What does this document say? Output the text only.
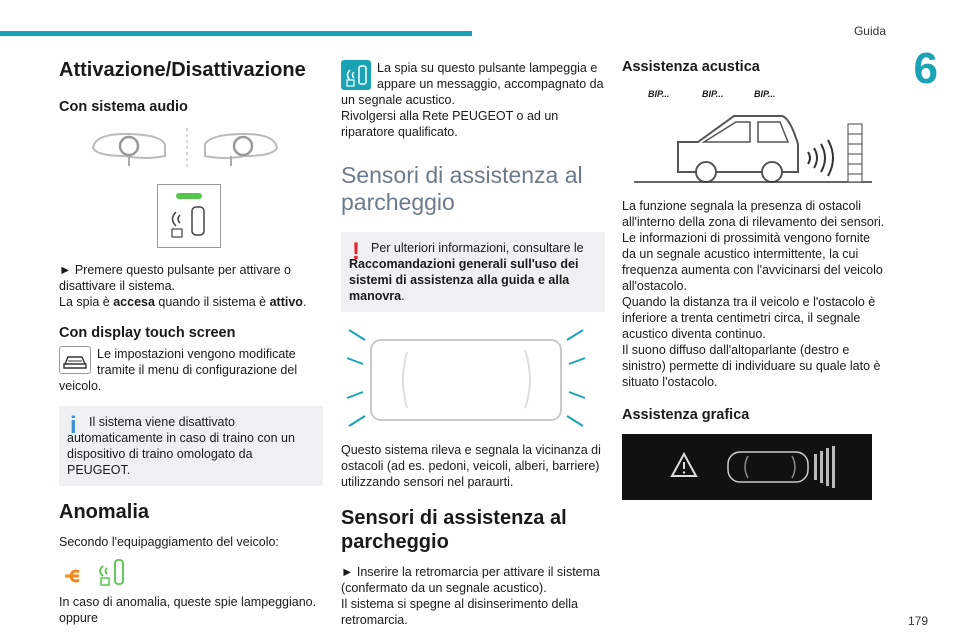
Guida
6
179
Attivazione/Disattivazione
Con sistema audio

► Premere questo pulsante per attivare o disattivare il sistema.

La spia è accesa quando il sistema è attivo.

Con display touch screen
Le impostazioni vengono modificate tramite il menu di configurazione del veicolo.
i Il sistema viene disattivato automaticamente in caso di traino con un dispositivo di traino omologato da PEUGEOT.
Anomalia

Secondo l'equipaggiamento del veicolo:

In caso di anomalia, queste spie lampeggiano.

oppure

La spia su questo pulsante lampeggia e appare un messaggio, accompagnato da un segnale acustico.

Rivolgersi alla Rete PEUGEOT o ad un riparatore qualificato.

Sensori di assistenza al parcheggio
! Per ulteriori informazioni, consultare le Raccomandazioni generali sull'uso dei sistemi di assistenza alla guida e alla manovra.

Questo sistema rileva e segnala la vicinanza di ostacoli (ad es. pedoni, veicoli, alberi, barriere) utilizzando sensori nel paraurti.

Sensori di assistenza al parcheggio

► Inserire la retromarcia per attivare il sistema (confermato da un segnale acustico).

Il sistema si spegne al disinserimento della retromarcia.

Assistenza acustica
BIP...	BIP...	BIP...

La funzione segnala la presenza di ostacoli all'interno della zona di rilevamento dei sensori.

Le informazioni di prossimità vengono fornite da un segnale acustico intermittente, la cui frequenza aumenta con l'avvicinarsi del veicolo all'ostacolo.

Quando la distanza tra il veicolo e l'ostacolo è inferiore a trenta centimetri circa, il segnale acustico diventa continuo.

Il suono diffuso dall'altoparlante (destro e sinistro) permette di individuare su quale lato è situato l'ostacolo.

Assistenza grafica
